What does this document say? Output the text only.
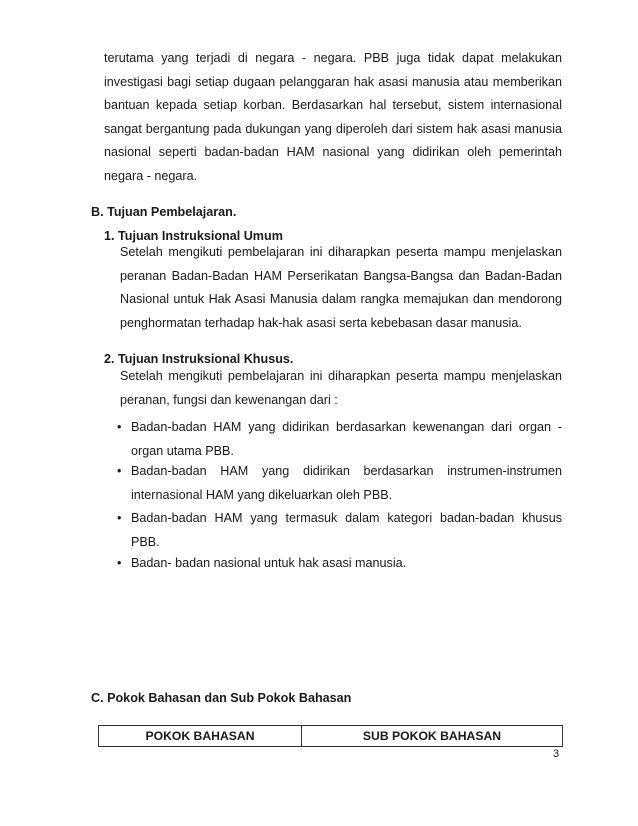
terutama yang terjadi di negara - negara. PBB juga tidak dapat melakukan investigasi bagi setiap dugaan pelanggaran hak asasi manusia atau memberikan bantuan kepada setiap korban. Berdasarkan hal tersebut, sistem internasional sangat bergantung pada dukungan yang diperoleh dari sistem hak asasi manusia nasional seperti badan-badan HAM nasional yang didirikan oleh pemerintah negara - negara.

B. Tujuan Pembelajaran.
1. Tujuan Instruksional Umum

Setelah mengikuti pembelajaran ini diharapkan peserta mampu menjelaskan peranan Badan-Badan HAM Perserikatan Bangsa-Bangsa dan Badan-Badan Nasional untuk Hak Asasi Manusia dalam rangka memajukan dan mendorong penghormatan terhadap hak-hak asasi serta kebebasan dasar manusia.

2. Tujuan Instruksional Khusus.

Setelah mengikuti pembelajaran ini diharapkan peserta mampu menjelaskan peranan, fungsi dan kewenangan dari :

• Badan-badan HAM yang didirikan berdasarkan kewenangan dari organ - organ utama PBB.

• Badan-badan HAM yang didirikan berdasarkan instrumen-instrumen internasional HAM yang dikeluarkan oleh PBB.

• Badan-badan HAM yang termasuk dalam kategori badan-badan khusus PBB.

• Badan- badan nasional untuk hak asasi manusia.

C. Pokok Bahasan dan Sub Pokok Bahasan
POKOK BAHASAN	SUB POKOK BAHASAN
3
